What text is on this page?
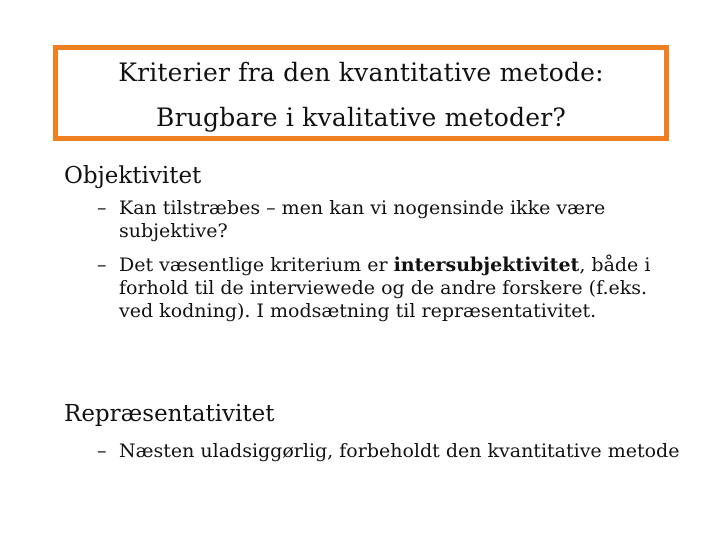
Kriterier fra den kvantitative metode:
Brugbare i kvalitative metoder?
Objektivitet
– Kan tilstræbes – men kan vi nogensinde ikke være subjektive?
– Det væsentlige kriterium er intersubjektivitet, både i forhold til de interviewede og de andre forskere (f.eks. ved kodning). I modsætning til repræsentativitet.
Repræsentativitet
– Næsten uladsiggørlig, forbeholdt den kvantitative metode
